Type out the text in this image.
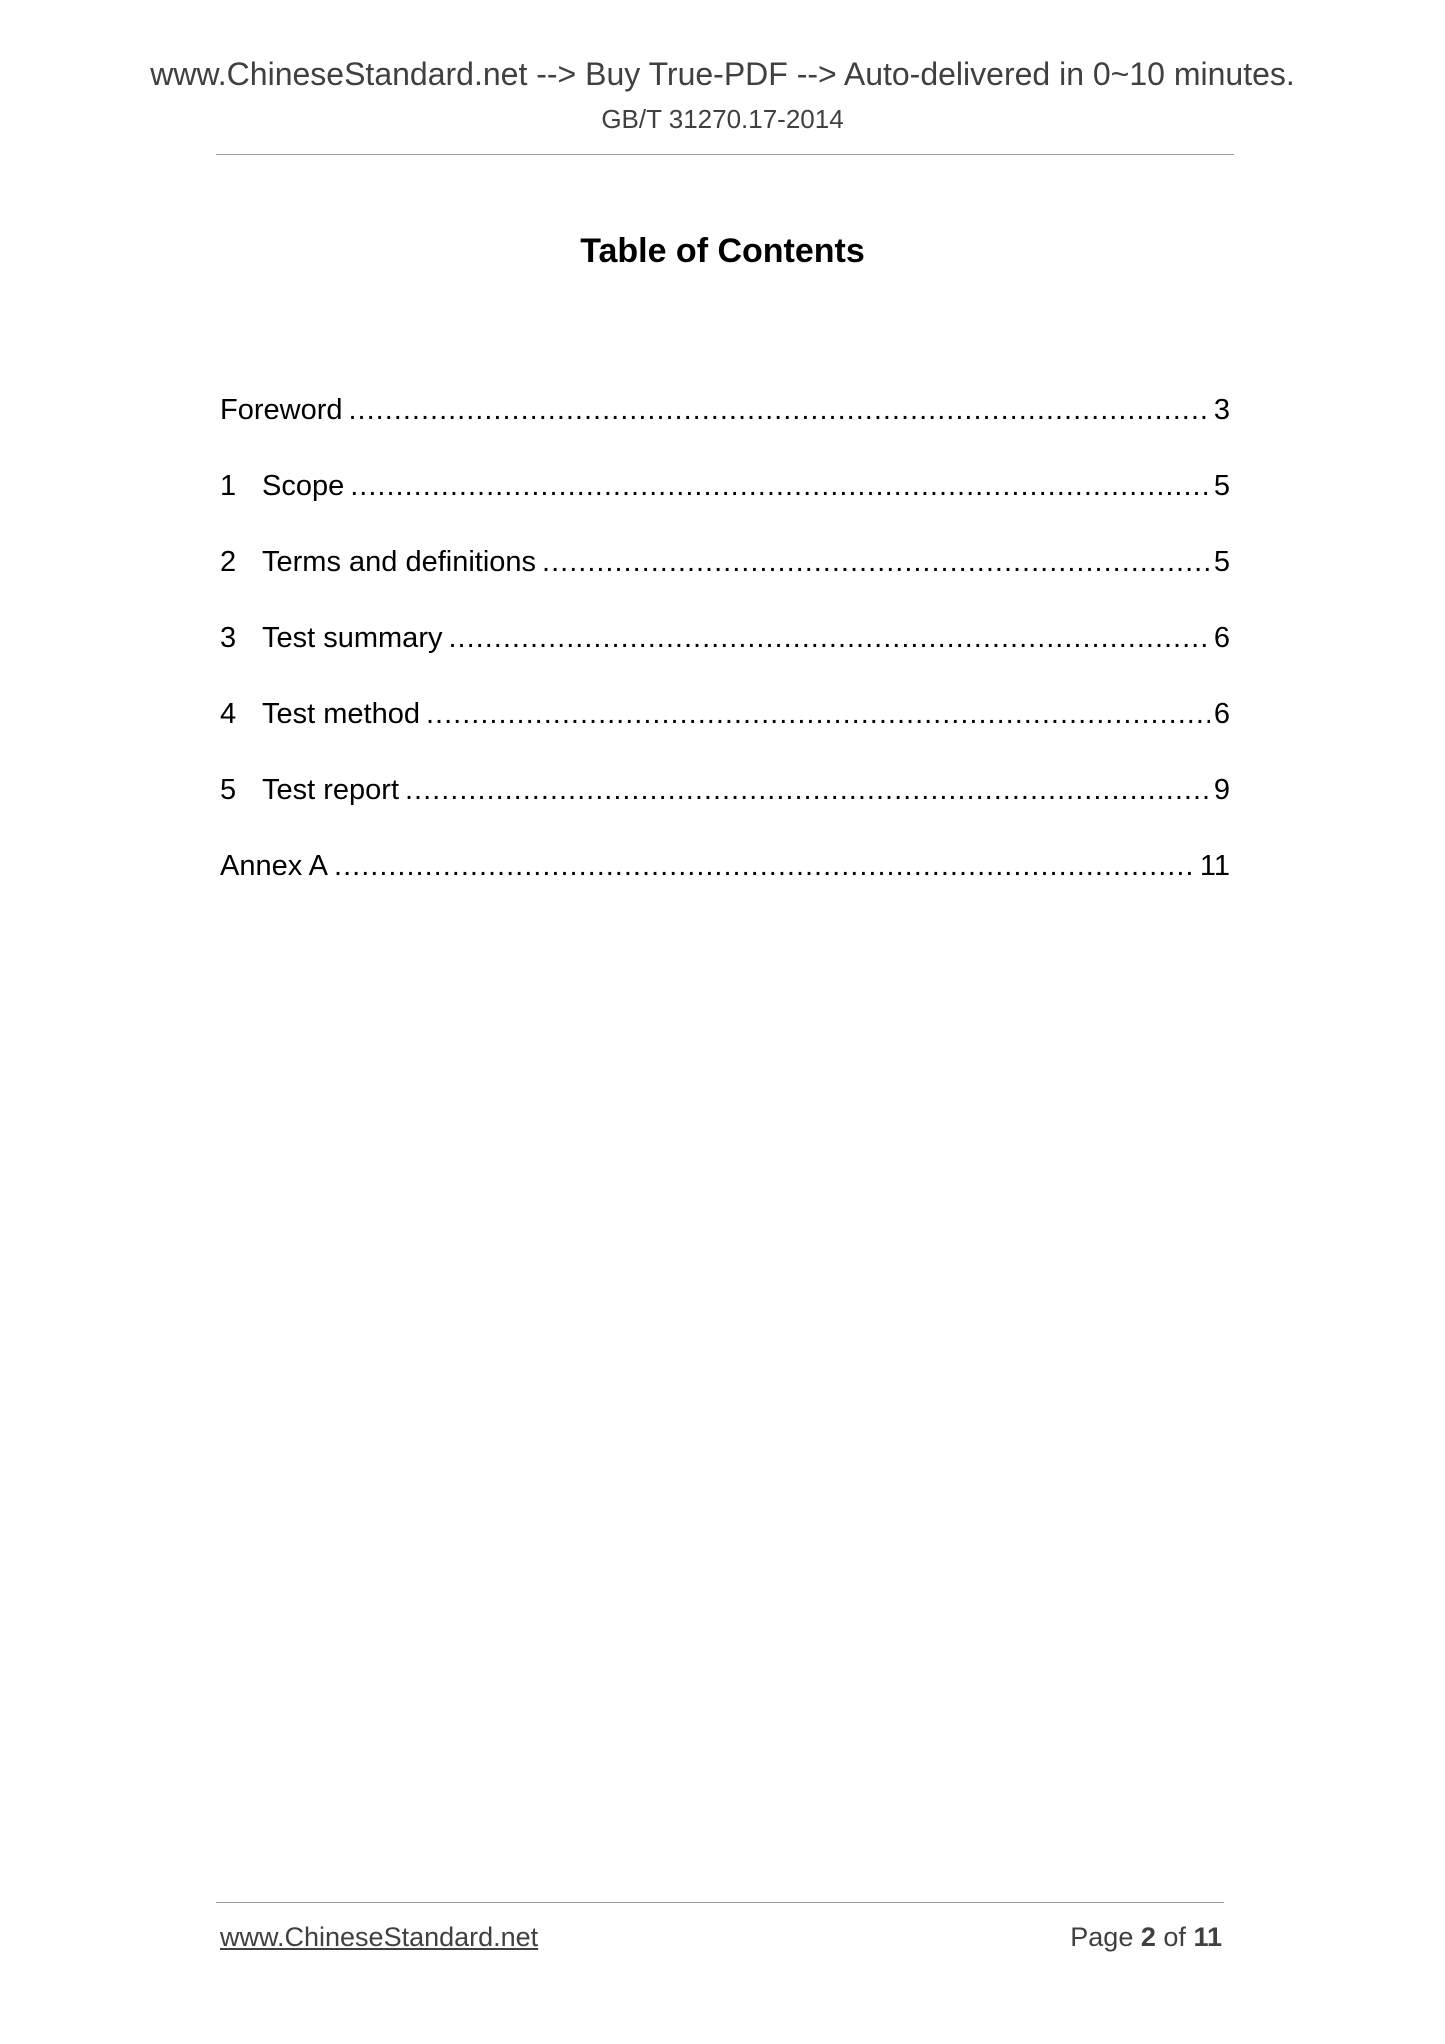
www.ChineseStandard.net --> Buy True-PDF --> Auto-delivered in 0~10 minutes.
GB/T 31270.17-2014
Table of Contents
Foreword .....	3
1 Scope .....	5
2 Terms and definitions .....	5
3 Test summary .....	6
4 Test method .....	6
5 Test report .....	9
Annex A .....	11
www.ChineseStandard.net	Page 2 of 11
